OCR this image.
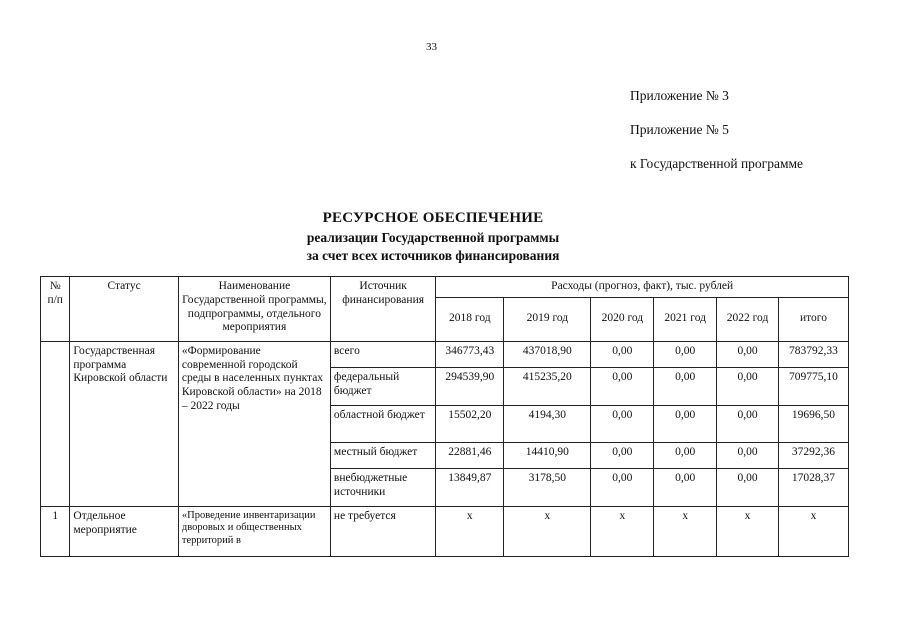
33
Приложение № 3
Приложение № 5
к Государственной программе
РЕСУРСНОЕ ОБЕСПЕЧЕНИЕ
реализации Государственной программы
за счет всех источников финансирования
№ п/п	Статус	Наименование Государственной программы, подпрограммы, отдельного мероприятия	Источник финансирования	Расходы (прогноз, факт), тыс. рублей					
				2018 год	2019 год	2020 год	2021 год	2022 год	итого
	Государственная программа Кировской области	«Формирование современной городской среды в населенных пунктах Кировской области» на 2018 – 2022 годы	всего	346773,43	437018,90	0,00	0,00	0,00	783792,33
			федеральный бюджет	294539,90	415235,20	0,00	0,00	0,00	709775,10
			областной бюджет	15502,20	4194,30	0,00	0,00	0,00	19696,50
			местный бюджет	22881,46	14410,90	0,00	0,00	0,00	37292,36
			внебюджетные источники	13849,87	3178,50	0,00	0,00	0,00	17028,37
1	Отдельное мероприятие	«Проведение инвентаризации дворовых и общественных территорий в	не требуется	х	х	х	х	х	х
